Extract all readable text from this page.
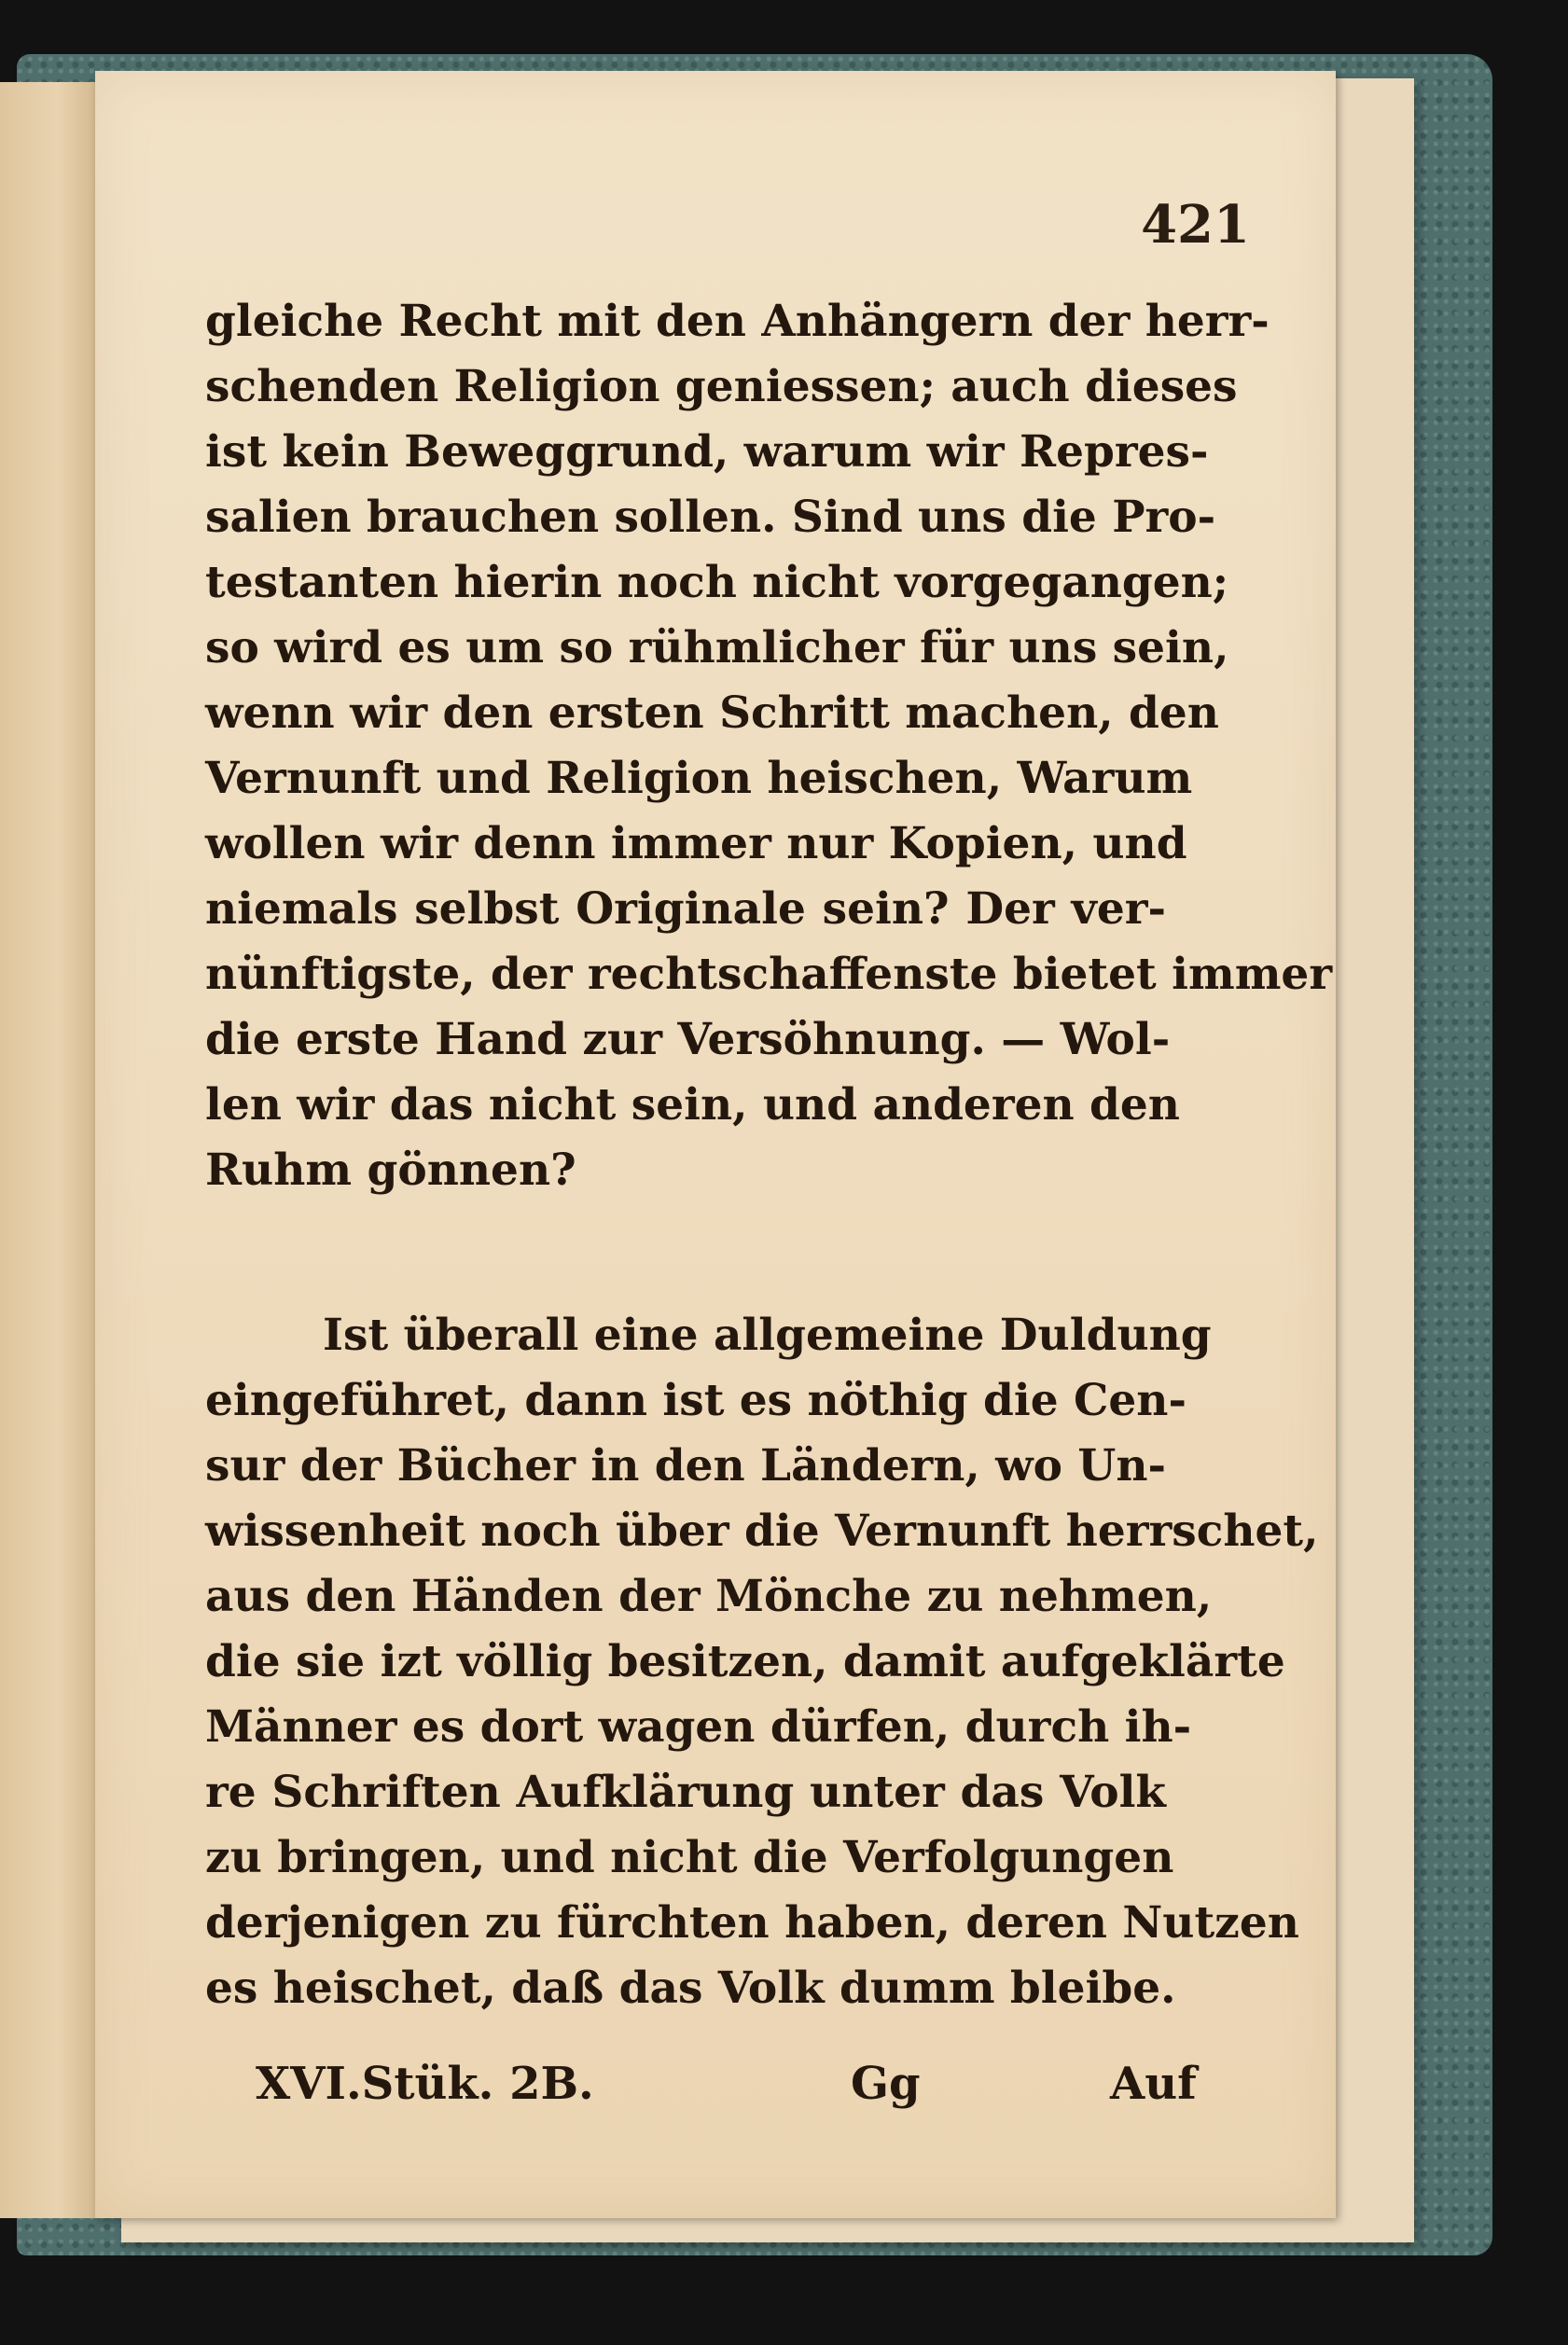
421
gleiche Recht mit den Anhängern der herr-
schenden Religion geniessen; auch dieses
ist kein Beweggrund, warum wir Repres-
salien brauchen sollen. Sind uns die Pro-
testanten hierin noch nicht vorgegangen;
so wird es um so rühmlicher für uns sein,
wenn wir den ersten Schritt machen, den
Vernunft und Religion heischen, Warum
wollen wir denn immer nur Kopien, und
niemals selbst Originale sein? Der ver-
nünftigste, der rechtschaffenste bietet immer
die erste Hand zur Versöhnung. — Wol-
len wir das nicht sein, und anderen den
Ruhm gönnen?
Ist überall eine allgemeine Duldung
eingeführet, dann ist es nöthig die Cen-
sur der Bücher in den Ländern, wo Un-
wissenheit noch über die Vernunft herrschet,
aus den Händen der Mönche zu nehmen,
die sie izt völlig besitzen, damit aufgeklärte
Männer es dort wagen dürfen, durch ih-
re Schriften Aufklärung unter das Volk
zu bringen, und nicht die Verfolgungen
derjenigen zu fürchten haben, deren Nutzen
es heischet, daß das Volk dumm bleibe.
XVI.Stük. 2B.	Gg	Auf
